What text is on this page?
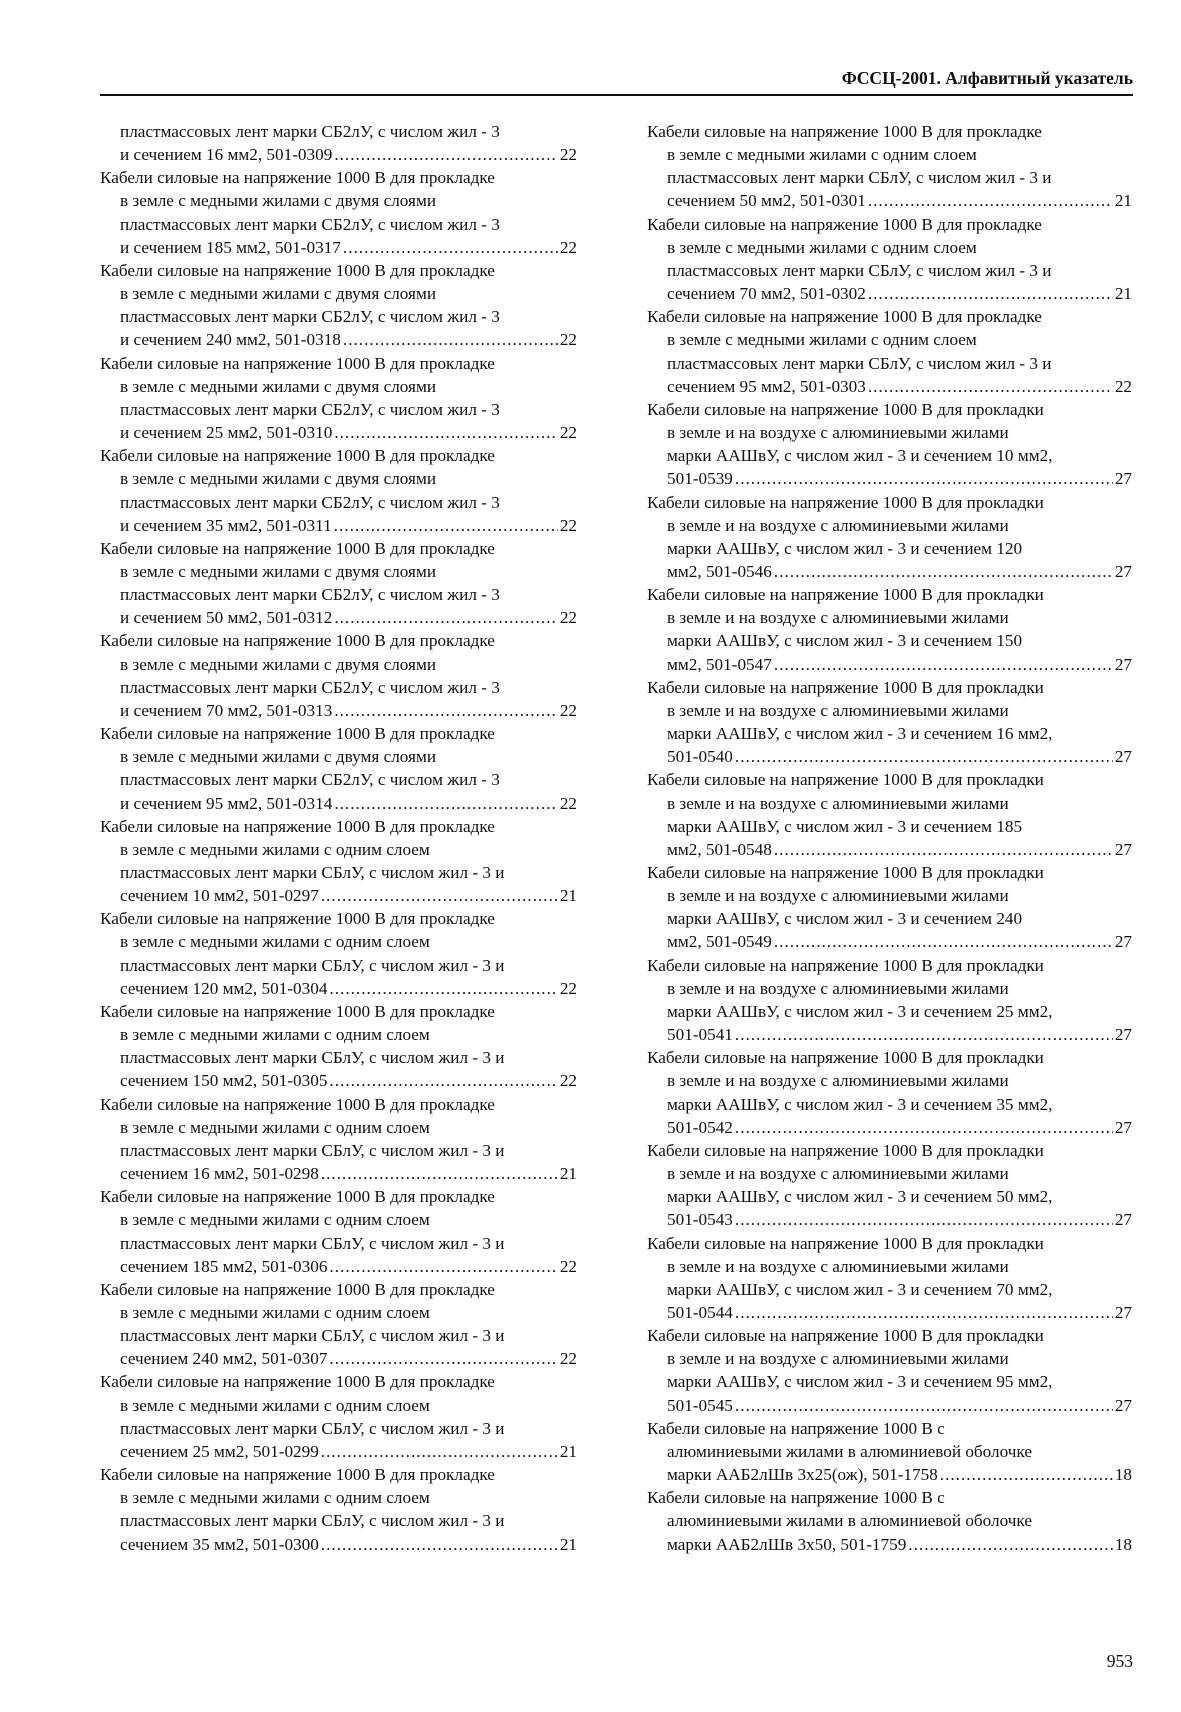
ФССЦ-2001. Алфавитный указатель
пластмассовых лент марки СБ2лУ, с числом жил - 3
и сечением 16 мм2, 501-0309 .....	22
Кабели силовые на напряжение 1000 В для прокладке
в земле с медными жилами с двумя слоями
пластмассовых лент марки СБ2лУ, с числом жил - 3
и сечением 185 мм2, 501-0317 .....	22
Кабели силовые на напряжение 1000 В для прокладке
в земле с медными жилами с двумя слоями
пластмассовых лент марки СБ2лУ, с числом жил - 3
и сечением 240 мм2, 501-0318 .....	22
Кабели силовые на напряжение 1000 В для прокладке
в земле с медными жилами с двумя слоями
пластмассовых лент марки СБ2лУ, с числом жил - 3
и сечением 25 мм2, 501-0310 .....	22
Кабели силовые на напряжение 1000 В для прокладке
в земле с медными жилами с двумя слоями
пластмассовых лент марки СБ2лУ, с числом жил - 3
и сечением 35 мм2, 501-0311 .....	22
Кабели силовые на напряжение 1000 В для прокладке
в земле с медными жилами с двумя слоями
пластмассовых лент марки СБ2лУ, с числом жил - 3
и сечением 50 мм2, 501-0312 .....	22
Кабели силовые на напряжение 1000 В для прокладке
в земле с медными жилами с двумя слоями
пластмассовых лент марки СБ2лУ, с числом жил - 3
и сечением 70 мм2, 501-0313 .....	22
Кабели силовые на напряжение 1000 В для прокладке
в земле с медными жилами с двумя слоями
пластмассовых лент марки СБ2лУ, с числом жил - 3
и сечением 95 мм2, 501-0314 .....	22
Кабели силовые на напряжение 1000 В для прокладке
в земле с медными жилами с одним слоем
пластмассовых лент марки СБлУ, с числом жил - 3 и
сечением 10 мм2, 501-0297 .....	21
Кабели силовые на напряжение 1000 В для прокладке
в земле с медными жилами с одним слоем
пластмассовых лент марки СБлУ, с числом жил - 3 и
сечением 120 мм2, 501-0304 .....	22
Кабели силовые на напряжение 1000 В для прокладке
в земле с медными жилами с одним слоем
пластмассовых лент марки СБлУ, с числом жил - 3 и
сечением 150 мм2, 501-0305 .....	22
Кабели силовые на напряжение 1000 В для прокладке
в земле с медными жилами с одним слоем
пластмассовых лент марки СБлУ, с числом жил - 3 и
сечением 16 мм2, 501-0298 .....	21
Кабели силовые на напряжение 1000 В для прокладке
в земле с медными жилами с одним слоем
пластмассовых лент марки СБлУ, с числом жил - 3 и
сечением 185 мм2, 501-0306 .....	22
Кабели силовые на напряжение 1000 В для прокладке
в земле с медными жилами с одним слоем
пластмассовых лент марки СБлУ, с числом жил - 3 и
сечением 240 мм2, 501-0307 .....	22
Кабели силовые на напряжение 1000 В для прокладке
в земле с медными жилами с одним слоем
пластмассовых лент марки СБлУ, с числом жил - 3 и
сечением 25 мм2, 501-0299 .....	21
Кабели силовые на напряжение 1000 В для прокладке
в земле с медными жилами с одним слоем
пластмассовых лент марки СБлУ, с числом жил - 3 и
сечением 35 мм2, 501-0300 .....	21
Кабели силовые на напряжение 1000 В для прокладке
в земле с медными жилами с одним слоем
пластмассовых лент марки СБлУ, с числом жил - 3 и
сечением 50 мм2, 501-0301 .....	21
Кабели силовые на напряжение 1000 В для прокладке
в земле с медными жилами с одним слоем
пластмассовых лент марки СБлУ, с числом жил - 3 и
сечением 70 мм2, 501-0302 .....	21
Кабели силовые на напряжение 1000 В для прокладке
в земле с медными жилами с одним слоем
пластмассовых лент марки СБлУ, с числом жил - 3 и
сечением 95 мм2, 501-0303 .....	22
Кабели силовые на напряжение 1000 В для прокладки
в земле и на воздухе с алюминиевыми жилами
марки ААШвУ, с числом жил - 3 и сечением 10 мм2,
501-0539 .....	27
Кабели силовые на напряжение 1000 В для прокладки
в земле и на воздухе с алюминиевыми жилами
марки ААШвУ, с числом жил - 3 и сечением 120
мм2, 501-0546 .....	27
Кабели силовые на напряжение 1000 В для прокладки
в земле и на воздухе с алюминиевыми жилами
марки ААШвУ, с числом жил - 3 и сечением 150
мм2, 501-0547 .....	27
Кабели силовые на напряжение 1000 В для прокладки
в земле и на воздухе с алюминиевыми жилами
марки ААШвУ, с числом жил - 3 и сечением 16 мм2,
501-0540 .....	27
Кабели силовые на напряжение 1000 В для прокладки
в земле и на воздухе с алюминиевыми жилами
марки ААШвУ, с числом жил - 3 и сечением 185
мм2, 501-0548 .....	27
Кабели силовые на напряжение 1000 В для прокладки
в земле и на воздухе с алюминиевыми жилами
марки ААШвУ, с числом жил - 3 и сечением 240
мм2, 501-0549 .....	27
Кабели силовые на напряжение 1000 В для прокладки
в земле и на воздухе с алюминиевыми жилами
марки ААШвУ, с числом жил - 3 и сечением 25 мм2,
501-0541 .....	27
Кабели силовые на напряжение 1000 В для прокладки
в земле и на воздухе с алюминиевыми жилами
марки ААШвУ, с числом жил - 3 и сечением 35 мм2,
501-0542 .....	27
Кабели силовые на напряжение 1000 В для прокладки
в земле и на воздухе с алюминиевыми жилами
марки ААШвУ, с числом жил - 3 и сечением 50 мм2,
501-0543 .....	27
Кабели силовые на напряжение 1000 В для прокладки
в земле и на воздухе с алюминиевыми жилами
марки ААШвУ, с числом жил - 3 и сечением 70 мм2,
501-0544 .....	27
Кабели силовые на напряжение 1000 В для прокладки
в земле и на воздухе с алюминиевыми жилами
марки ААШвУ, с числом жил - 3 и сечением 95 мм2,
501-0545 .....	27
Кабели силовые на напряжение 1000 В с
алюминиевыми жилами в алюминиевой оболочке
марки ААБ2лШв 3х25(ож), 501-1758 .....	18
Кабели силовые на напряжение 1000 В с
алюминиевыми жилами в алюминиевой оболочке
марки ААБ2лШв 3х50, 501-1759 .....	18
953
